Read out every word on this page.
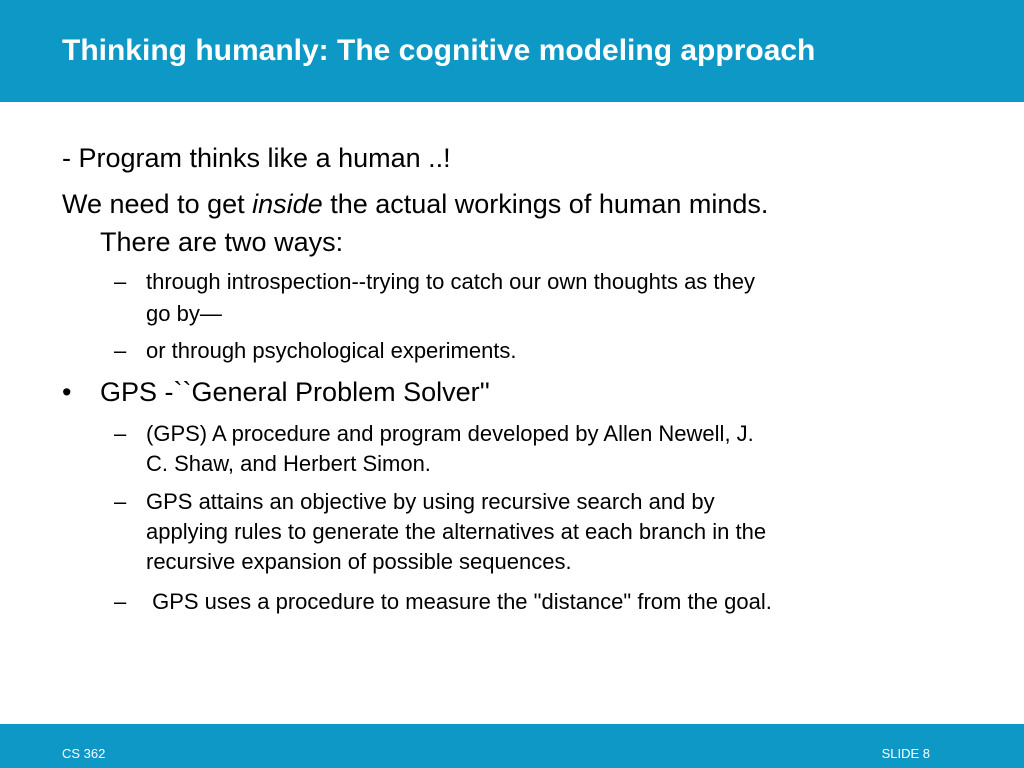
Thinking humanly: The cognitive modeling approach
- Program thinks like a human ..!
We need to get inside the actual workings of human minds.
There are two ways:
– through introspection--trying to catch our own thoughts as they
go by—
– or through psychological experiments.
• GPS -``General Problem Solver''
– (GPS) A procedure and program developed by Allen Newell, J.
C. Shaw, and Herbert Simon.
– GPS attains an objective by using recursive search and by
applying rules to generate the alternatives at each branch in the
recursive expansion of possible sequences.
– GPS uses a procedure to measure the "distance" from the goal.
CS 362	SLIDE 8
